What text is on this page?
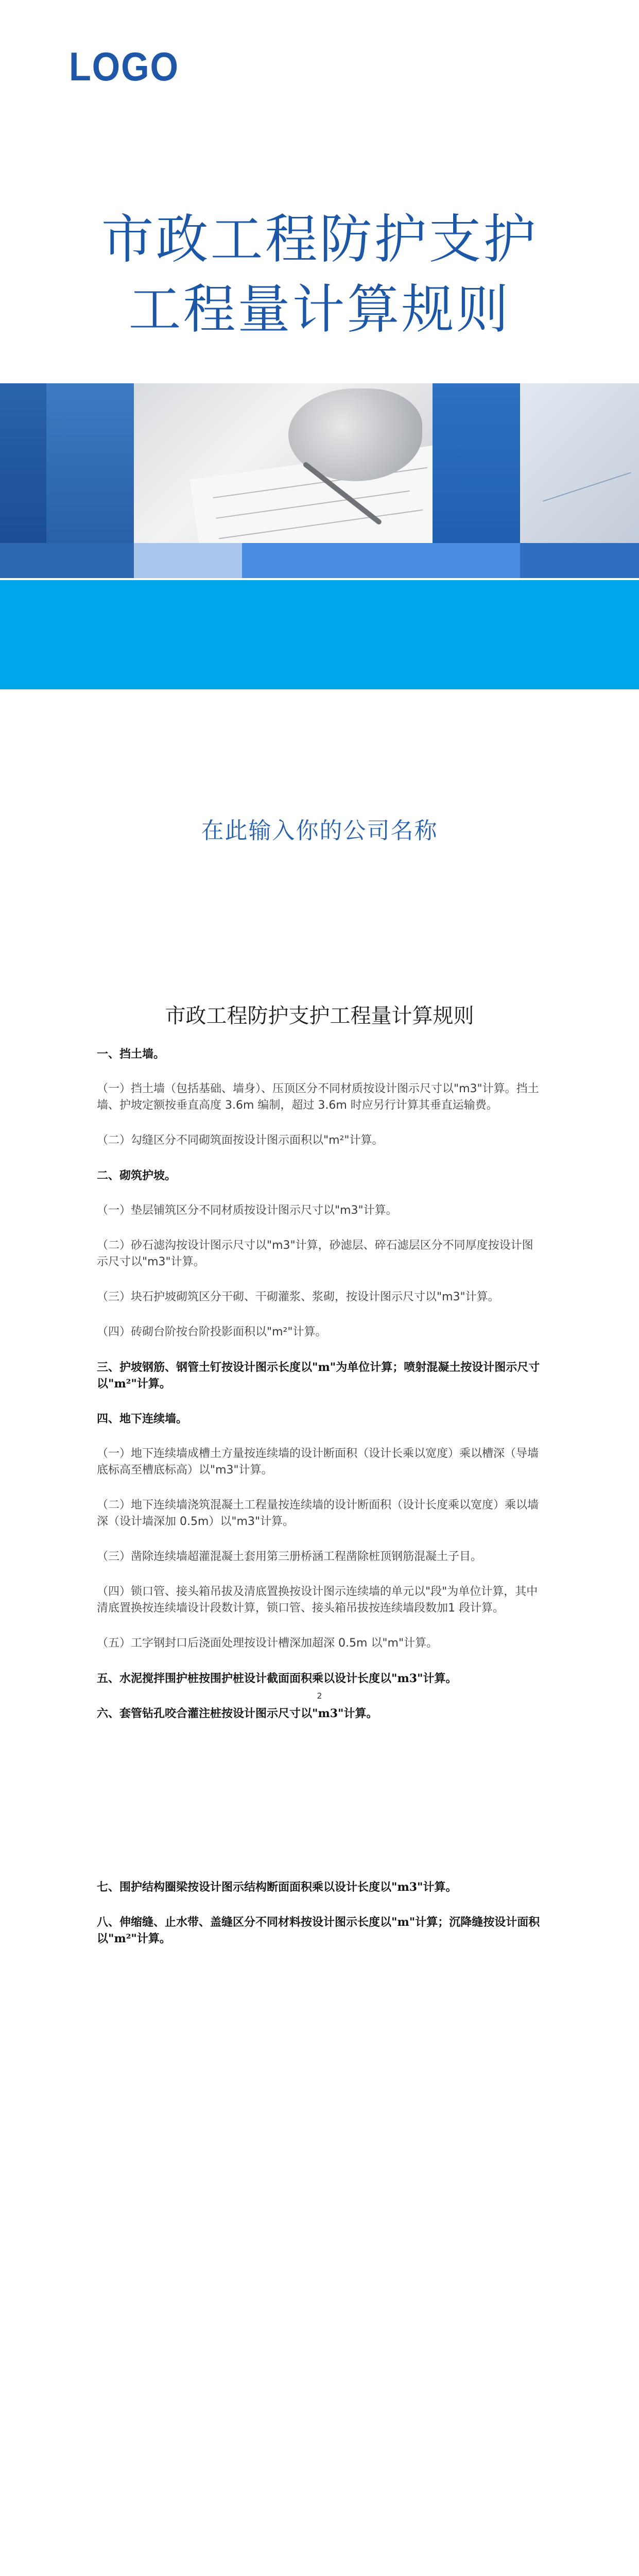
LOGO
市政工程防护支护
工程量计算规则
在此输入你的公司名称
市政工程防护支护工程量计算规则
一、挡土墙。
（一）挡土墙（包括基础、墙身）、压顶区分不同材质按设计图示尺寸以"m3"计算。挡土墙、护坡定额按垂直高度 3.6m 编制，超过 3.6m 时应另行计算其垂直运输费。
（二）勾缝区分不同砌筑面按设计图示面积以"m²"计算。
二、砌筑护坡。
（一）垫层铺筑区分不同材质按设计图示尺寸以"m3"计算。
（二）砂石滤沟按设计图示尺寸以"m3"计算，砂滤层、碎石滤层区分不同厚度按设计图示尺寸以"m3"计算。
（三）块石护坡砌筑区分干砌、干砌灌浆、浆砌，按设计图示尺寸以"m3"计算。
（四）砖砌台阶按台阶投影面积以"m²"计算。
三、护坡钢筋、钢管土钉按设计图示长度以"m"为单位计算；喷射混凝土按设计图示尺寸以"m²"计算。
四、地下连续墙。
（一）地下连续墙成槽土方量按连续墙的设计断面积（设计长乘以宽度）乘以槽深（导墙底标高至槽底标高）以"m3"计算。
（二）地下连续墙浇筑混凝土工程量按连续墙的设计断面积（设计长度乘以宽度）乘以墙深（设计墙深加 0.5m）以"m3"计算。
（三）凿除连续墙超灌混凝土套用第三册桥涵工程凿除桩顶钢筋混凝土子目。
（四）锁口管、接头箱吊拔及清底置换按设计图示连续墙的单元以"段"为单位计算，其中清底置换按连续墙设计段数计算，锁口管、接头箱吊拔按连续墙段数加1 段计算。
（五）工字钢封口后浇面处理按设计槽深加超深 0.5m 以"m"计算。
五、水泥搅拌围护桩按围护桩设计截面面积乘以设计长度以"m3"计算。
六、套管钻孔咬合灌注桩按设计图示尺寸以"m3"计算。
2
七、围护结构圈梁按设计图示结构断面面积乘以设计长度以"m3"计算。
八、伸缩缝、止水带、盖缝区分不同材料按设计图示长度以"m"计算；沉降缝按设计面积以"m²"计算。
